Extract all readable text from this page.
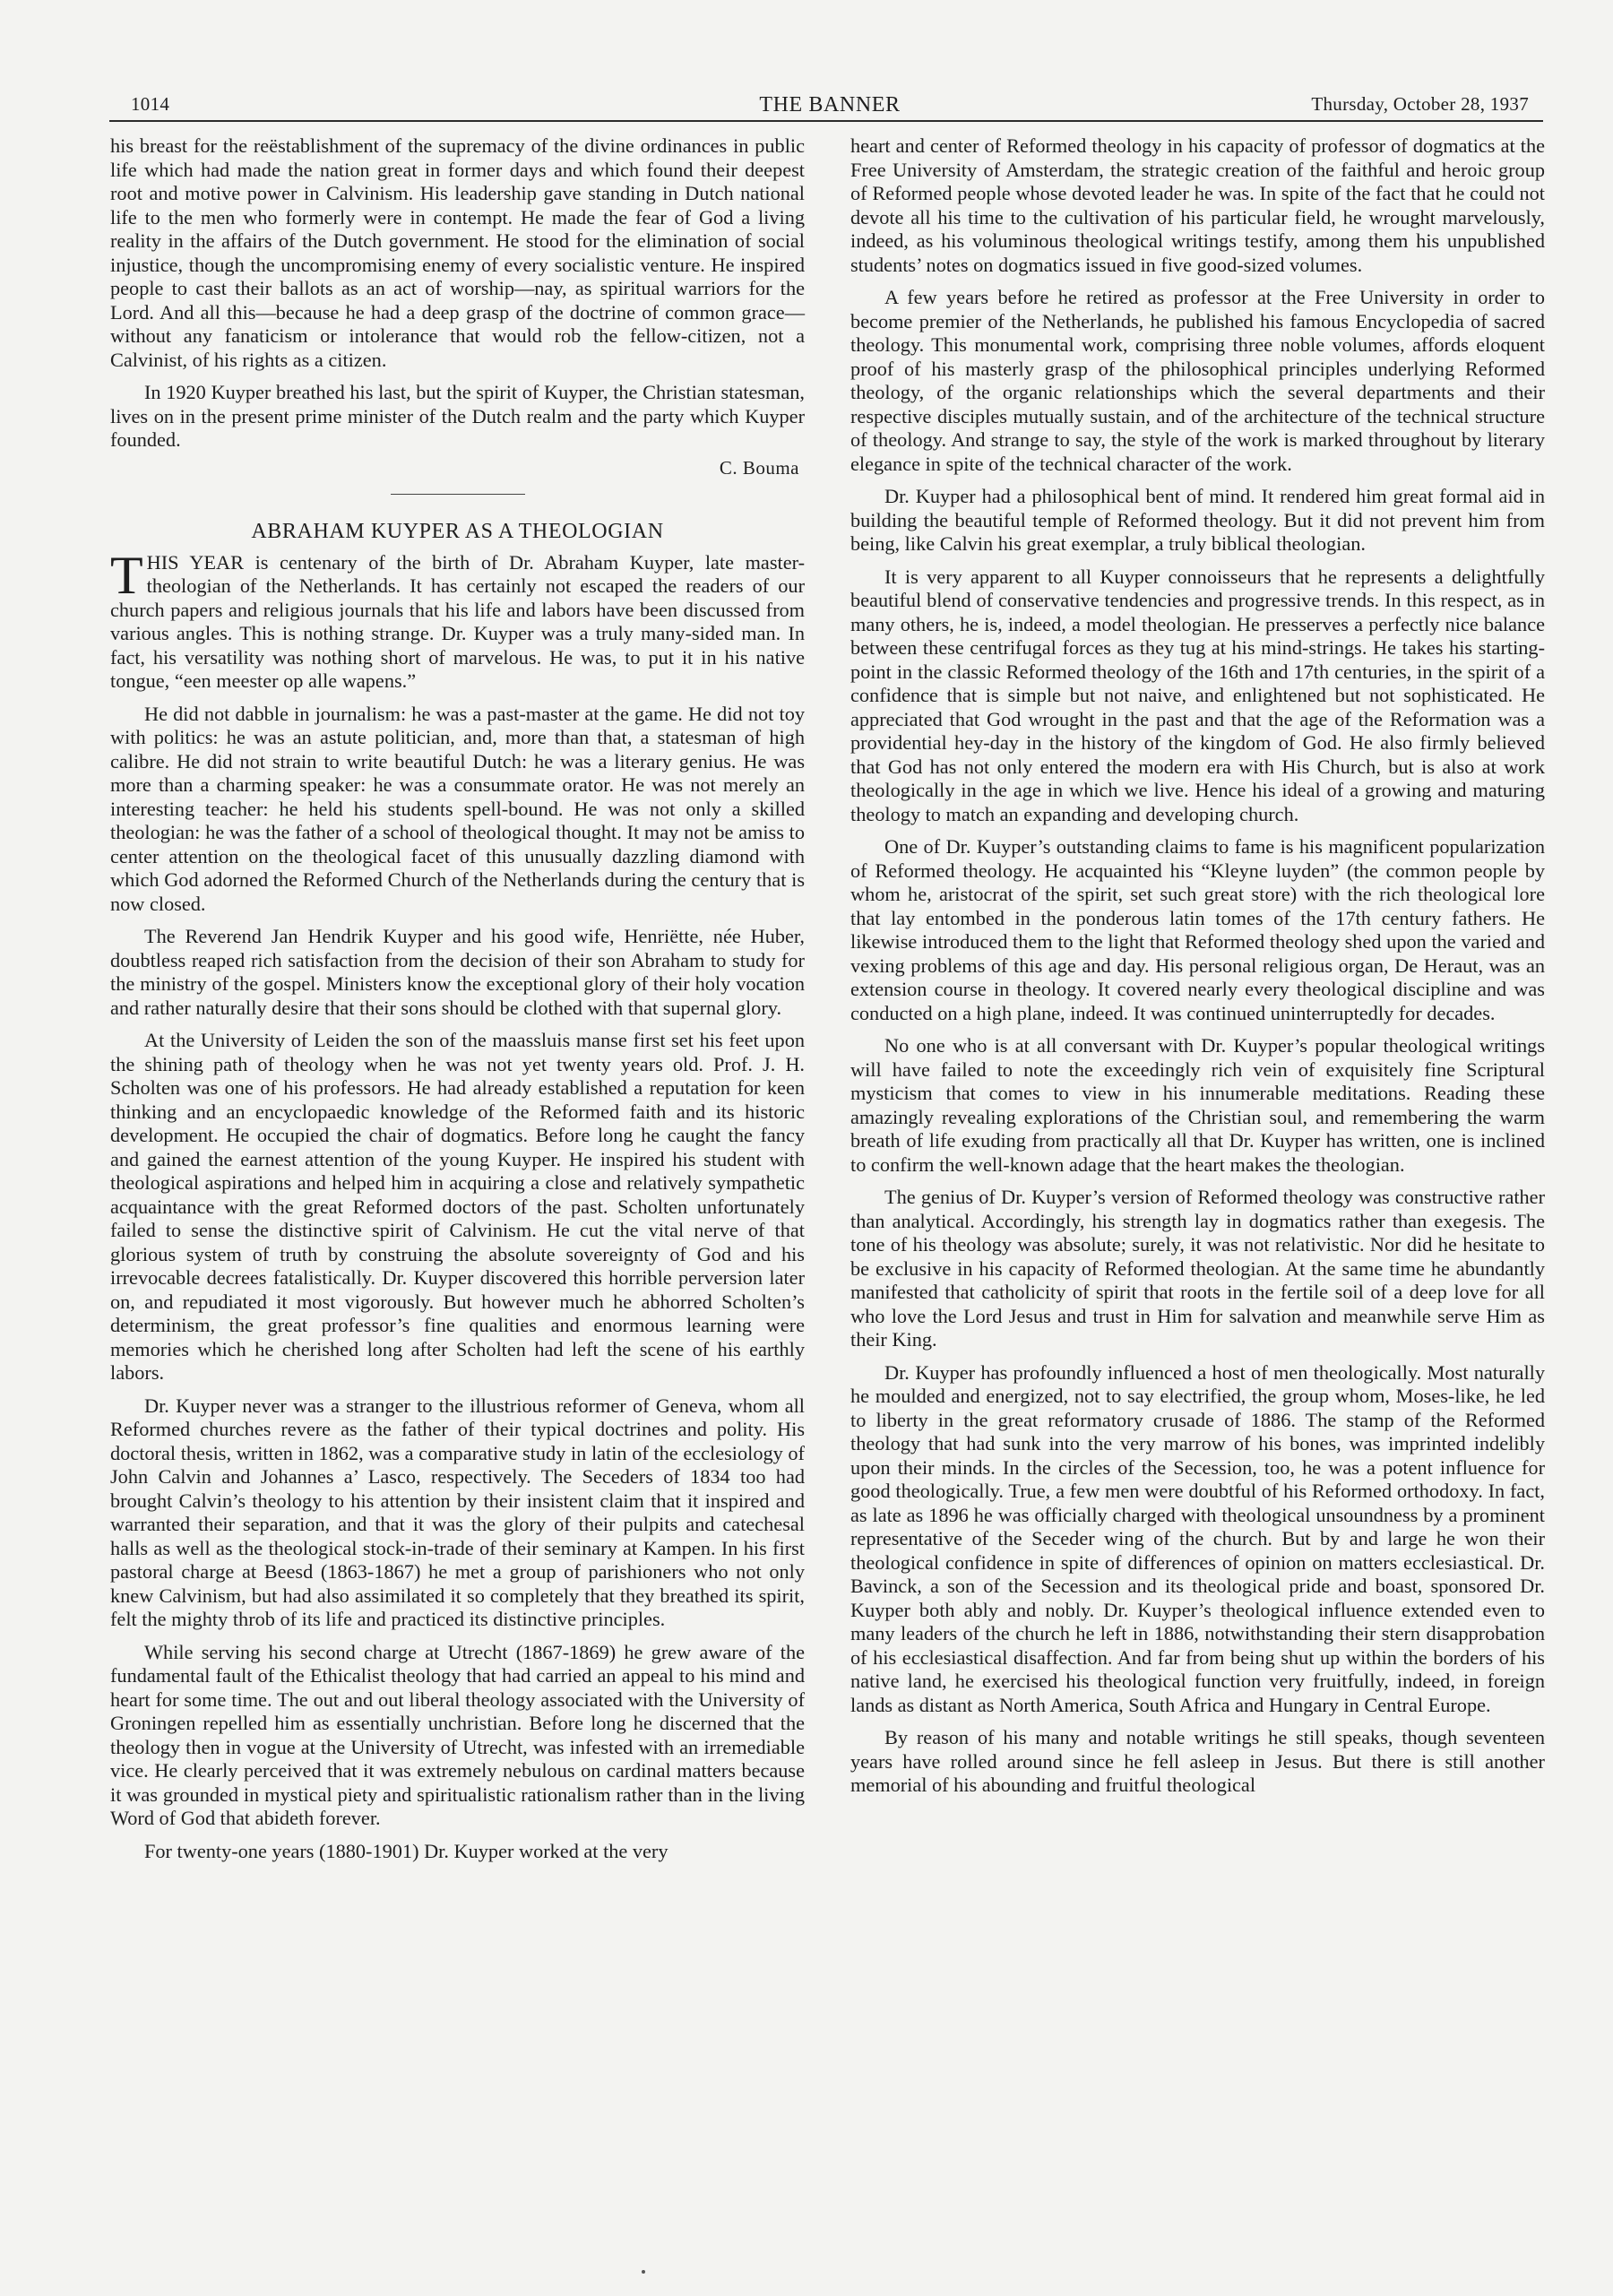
THE BANNER
1014	Thursday, October 28, 1937

his breast for the reëstablishment of the supremacy of the divine ordinances in public life which had made the nation great in former days and which found their deepest root and motive power in Calvinism. His leadership gave standing in Dutch national life to the men who formerly were in contempt. He made the fear of God a living reality in the affairs of the Dutch government. He stood for the elimination of social injustice, though the uncompromising enemy of every socialistic venture. He inspired people to cast their ballots as an act of worship—nay, as spiritual warriors for the Lord. And all this—because he had a deep grasp of the doctrine of common grace—without any fanaticism or intolerance that would rob the fellow-citizen, not a Calvinist, of his rights as a citizen.

In 1920 Kuyper breathed his last, but the spirit of Kuyper, the Christian statesman, lives on in the present prime minister of the Dutch realm and the party which Kuyper founded.

C. Bouma
ABRAHAM KUYPER AS A THEOLOGIAN

THIS YEAR is centenary of the birth of Dr. Abraham Kuyper, late master-theologian of the Netherlands. It has certainly not escaped the readers of our church papers and religious journals that his life and labors have been discussed from various angles. This is nothing strange. Dr. Kuyper was a truly many-sided man. In fact, his versatility was nothing short of marvelous. He was, to put it in his native tongue, “een meester op alle wapens.”

He did not dabble in journalism: he was a past-master at the game. He did not toy with politics: he was an astute politician, and, more than that, a statesman of high calibre. He did not strain to write beautiful Dutch: he was a literary genius. He was more than a charming speaker: he was a consummate orator. He was not merely an interesting teacher: he held his students spell-bound. He was not only a skilled theologian: he was the father of a school of theological thought. It may not be amiss to center attention on the theological facet of this unusually dazzling diamond with which God adorned the Reformed Church of the Netherlands during the century that is now closed.

The Reverend Jan Hendrik Kuyper and his good wife, Henriëtte, née Huber, doubtless reaped rich satisfaction from the decision of their son Abraham to study for the ministry of the gospel. Ministers know the exceptional glory of their holy vocation and rather naturally desire that their sons should be clothed with that supernal glory.

At the University of Leiden the son of the maassluis manse first set his feet upon the shining path of theology when he was not yet twenty years old. Prof. J. H. Scholten was one of his professors. He had already established a reputation for keen thinking and an encyclopaedic knowledge of the Reformed faith and its historic development. He occupied the chair of dogmatics. Before long he caught the fancy and gained the earnest attention of the young Kuyper. He inspired his student with theological aspirations and helped him in acquiring a close and relatively sympathetic acquaintance with the great Reformed doctors of the past. Scholten unfortunately failed to sense the distinctive spirit of Calvinism. He cut the vital nerve of that glorious system of truth by construing the absolute sovereignty of God and his irrevocable decrees fatalistically. Dr. Kuyper discovered this horrible perversion later on, and repudiated it most vigorously. But however much he abhorred Scholten’s determinism, the great professor’s fine qualities and enormous learning were memories which he cherished long after Scholten had left the scene of his earthly labors.

Dr. Kuyper never was a stranger to the illustrious reformer of Geneva, whom all Reformed churches revere as the father of their typical doctrines and polity. His doctoral thesis, written in 1862, was a comparative study in latin of the ecclesiology of John Calvin and Johannes a’ Lasco, respectively. The Seceders of 1834 too had brought Calvin’s theology to his attention by their insistent claim that it inspired and warranted their separation, and that it was the glory of their pulpits and catechesal halls as well as the theological stock-in-trade of their seminary at Kampen. In his first pastoral charge at Beesd (1863-1867) he met a group of parishioners who not only knew Calvinism, but had also assimilated it so completely that they breathed its spirit, felt the mighty throb of its life and practiced its distinctive principles.

While serving his second charge at Utrecht (1867-1869) he grew aware of the fundamental fault of the Ethicalist theology that had carried an appeal to his mind and heart for some time. The out and out liberal theology associated with the University of Groningen repelled him as essentially unchristian. Before long he discerned that the theology then in vogue at the University of Utrecht, was infested with an irremediable vice. He clearly perceived that it was extremely nebulous on cardinal matters because it was grounded in mystical piety and spiritualistic rationalism rather than in the living Word of God that abideth forever.

For twenty-one years (1880-1901) Dr. Kuyper worked at the very

heart and center of Reformed theology in his capacity of professor of dogmatics at the Free University of Amsterdam, the strategic creation of the faithful and heroic group of Reformed people whose devoted leader he was. In spite of the fact that he could not devote all his time to the cultivation of his particular field, he wrought marvelously, indeed, as his voluminous theological writings testify, among them his unpublished students’ notes on dogmatics issued in five good-sized volumes.

A few years before he retired as professor at the Free University in order to become premier of the Netherlands, he published his famous Encyclopedia of sacred theology. This monumental work, comprising three noble volumes, affords eloquent proof of his masterly grasp of the philosophical principles underlying Reformed theology, of the organic relationships which the several departments and their respective disciples mutually sustain, and of the architecture of the technical structure of theology. And strange to say, the style of the work is marked throughout by literary elegance in spite of the technical character of the work.

Dr. Kuyper had a philosophical bent of mind. It rendered him great formal aid in building the beautiful temple of Reformed theology. But it did not prevent him from being, like Calvin his great exemplar, a truly biblical theologian.

It is very apparent to all Kuyper connoisseurs that he represents a delightfully beautiful blend of conservative tendencies and progressive trends. In this respect, as in many others, he is, indeed, a model theologian. He presserves a perfectly nice balance between these centrifugal forces as they tug at his mind-strings. He takes his starting-point in the classic Reformed theology of the 16th and 17th centuries, in the spirit of a confidence that is simple but not naive, and enlightened but not sophisticated. He appreciated that God wrought in the past and that the age of the Reformation was a providential hey-day in the history of the kingdom of God. He also firmly believed that God has not only entered the modern era with His Church, but is also at work theologically in the age in which we live. Hence his ideal of a growing and maturing theology to match an expanding and developing church.

One of Dr. Kuyper’s outstanding claims to fame is his magnificent popularization of Reformed theology. He acquainted his “Kleyne luyden” (the common people by whom he, aristocrat of the spirit, set such great store) with the rich theological lore that lay entombed in the ponderous latin tomes of the 17th century fathers. He likewise introduced them to the light that Reformed theology shed upon the varied and vexing problems of this age and day. His personal religious organ, De Heraut, was an extension course in theology. It covered nearly every theological discipline and was conducted on a high plane, indeed. It was continued uninterruptedly for decades.

No one who is at all conversant with Dr. Kuyper’s popular theological writings will have failed to note the exceedingly rich vein of exquisitely fine Scriptural mysticism that comes to view in his innumerable meditations. Reading these amazingly revealing explorations of the Christian soul, and remembering the warm breath of life exuding from practically all that Dr. Kuyper has written, one is inclined to confirm the well-known adage that the heart makes the theologian.

The genius of Dr. Kuyper’s version of Reformed theology was constructive rather than analytical. Accordingly, his strength lay in dogmatics rather than exegesis. The tone of his theology was absolute; surely, it was not relativistic. Nor did he hesitate to be exclusive in his capacity of Reformed theologian. At the same time he abundantly manifested that catholicity of spirit that roots in the fertile soil of a deep love for all who love the Lord Jesus and trust in Him for salvation and meanwhile serve Him as their King.

Dr. Kuyper has profoundly influenced a host of men theologically. Most naturally he moulded and energized, not to say electrified, the group whom, Moses-like, he led to liberty in the great reformatory crusade of 1886. The stamp of the Reformed theology that had sunk into the very marrow of his bones, was imprinted indelibly upon their minds. In the circles of the Secession, too, he was a potent influence for good theologically. True, a few men were doubtful of his Reformed orthodoxy. In fact, as late as 1896 he was officially charged with theological unsoundness by a prominent representative of the Seceder wing of the church. But by and large he won their theological confidence in spite of differences of opinion on matters ecclesiastical. Dr. Bavinck, a son of the Secession and its theological pride and boast, sponsored Dr. Kuyper both ably and nobly. Dr. Kuyper’s theological influence extended even to many leaders of the church he left in 1886, notwithstanding their stern disapprobation of his ecclesiastical disaffection. And far from being shut up within the borders of his native land, he exercised his theological function very fruitfully, indeed, in foreign lands as distant as North America, South Africa and Hungary in Central Europe.

By reason of his many and notable writings he still speaks, though seventeen years have rolled around since he fell asleep in Jesus. But there is still another memorial of his abounding and fruitful theological
